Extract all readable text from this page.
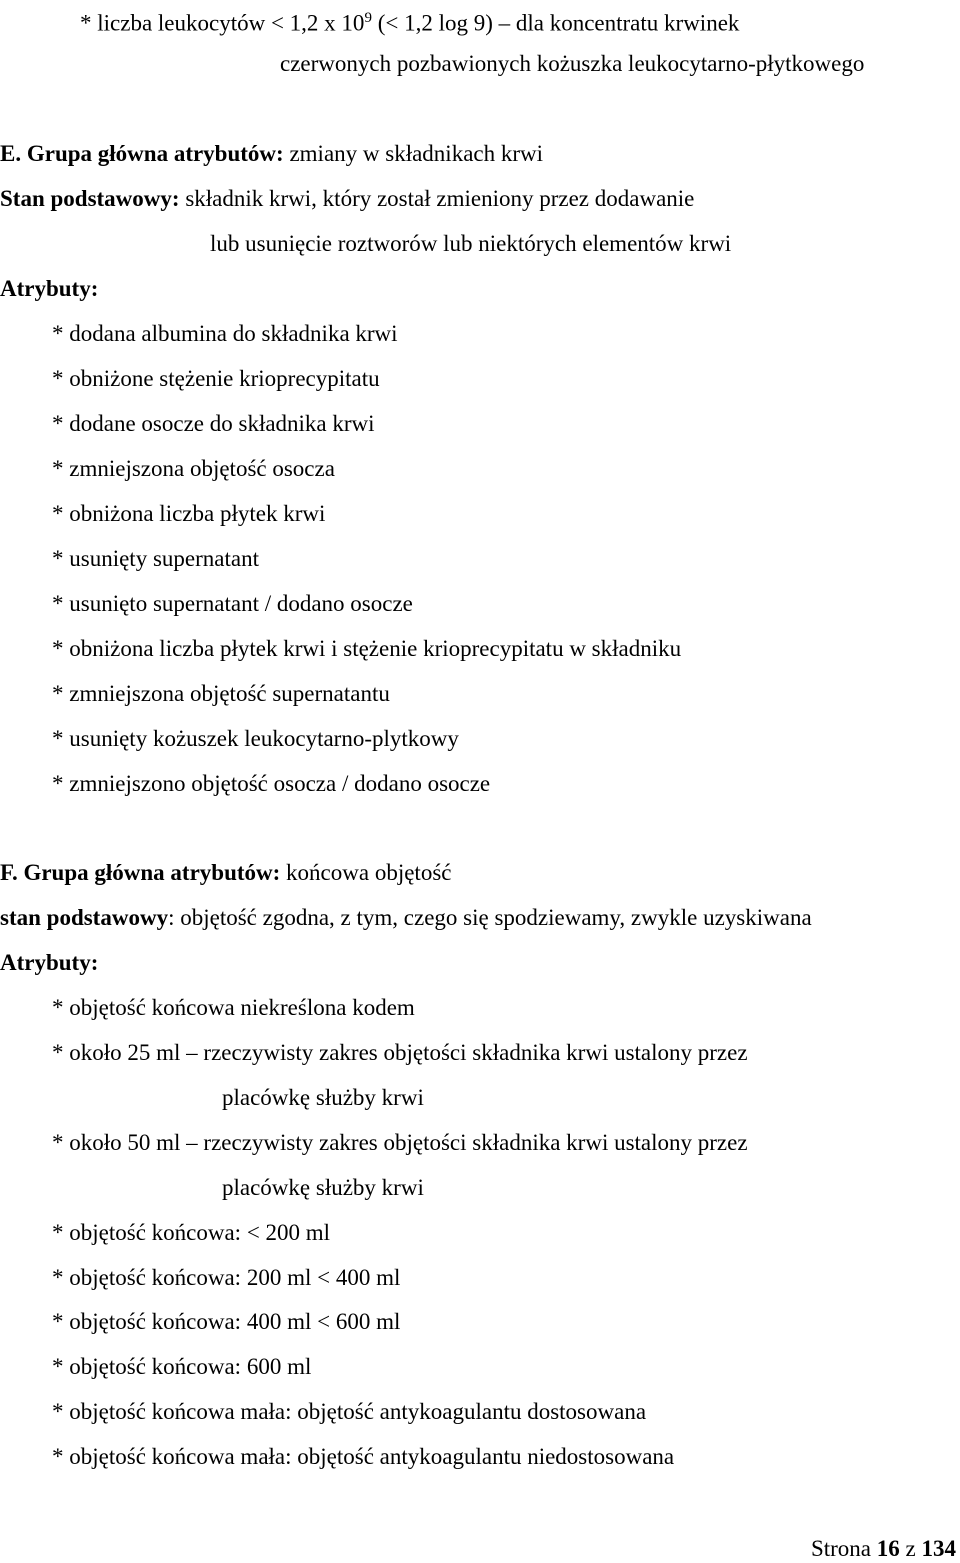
* liczba leukocytów < 1,2 x $10^9$ (< 1,2 log 9) – dla koncentratu krwinek
czerwonych pozbawionych kożuszka leukocytarno-płytkowego
E. Grupa główna atrybutów: zmiany w składnikach krwi
Stan podstawowy: składnik krwi, który został zmieniony przez dodawanie
lub usunięcie roztworów lub niektórych elementów krwi
Atrybuty:
* dodana albumina do składnika krwi
* obniżone stężenie krioprecypitatu
* dodane osocze do składnika krwi
* zmniejszona objętość osocza
* obniżona liczba płytek krwi
* usunięty supernatant
* usunięto supernatant / dodano osocze
* obniżona liczba płytek krwi i stężenie krioprecypitatu w składniku
* zmniejszona objętość supernatantu
* usunięty kożuszek leukocytarno-plytkowy
* zmniejszono objętość osocza / dodano osocze
F. Grupa główna atrybutów: końcowa objętość
stan podstawowy: objętość zgodna, z tym, czego się spodziewamy, zwykle uzyskiwana
Atrybuty:
* objętość końcowa niekreślona kodem
* około 25 ml – rzeczywisty zakres objętości składnika krwi ustalony przez
placówkę służby krwi
* około 50 ml – rzeczywisty zakres objętości składnika krwi ustalony przez
placówkę służby krwi
* objętość końcowa: < 200 ml
* objętość końcowa: 200 ml < 400 ml
* objętość końcowa: 400 ml < 600 ml
* objętość końcowa: 600 ml
* objętość końcowa mała: objętość antykoagulantu dostosowana
* objętość końcowa mała: objętość antykoagulantu niedostosowana
Strona 16 z 134
